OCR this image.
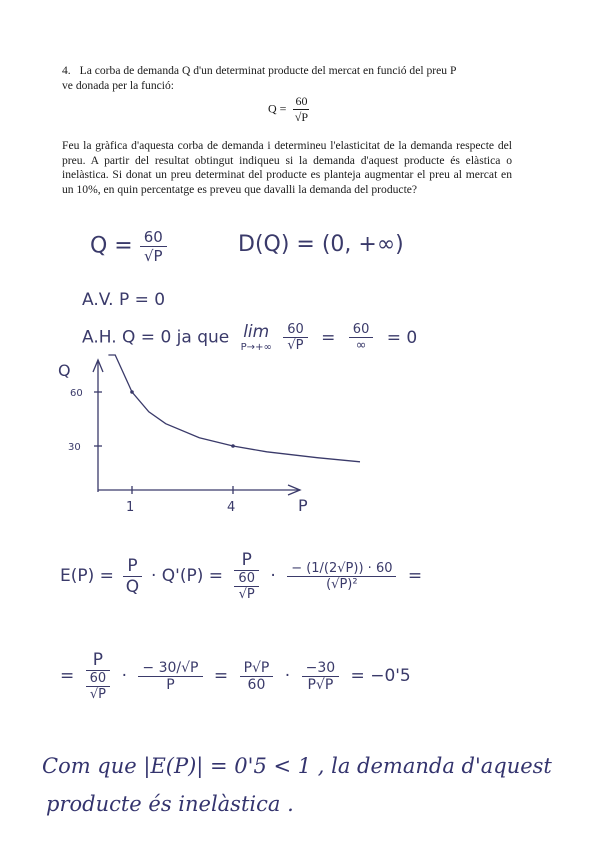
4. La corba de demanda Q d'un determinat producte del mercat en funció del preu P
ve donada per la funció:
$Q = \frac{60}{√P}$
Feu la gràfica d'aquesta corba de demanda i determineu l'elasticitat de la demanda respecte del preu. A partir del resultat obtingut indiqueu si la demanda d'aquest producte és elàstica o inelàstica. Si donat un preu determinat del producte es planteja augmentar el preu al mercat en un 10%, en quin percentatge es preveu que davalli la demanda del producte?
$Q = \frac{60}{√P}$	D(Q) = (0, +∞)
A.V. P = 0
A.H. Q = 0 ja que lim
P→+∞
$\frac{60}{√P}$ =	60
∞	= 0
Q
60
30
1	4	P
$E(P) = \frac{P}{Q} \cdot Q'(P) = \frac{P}{\frac{60}{√P}} \cdot \frac{- (1/(2√P)) \cdot 60}{\text{(√P)²}}$ =
= $\frac{P}{\frac{60}{√P}} \cdot \frac{- 30/√P}{P} = \frac{P√P}{60} \cdot \frac{-30}{P√P} = -0'5$
Com que |E(P)| = 0'5 < 1 , la demanda d'aquest
producte és inelàstica .
